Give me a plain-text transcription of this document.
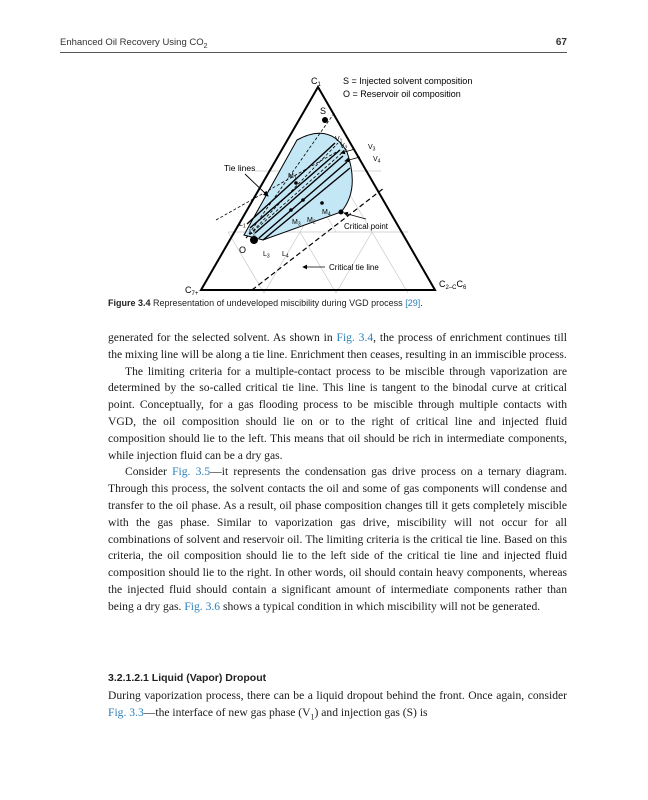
Enhanced Oil Recovery Using $CO_2$	67
$C_1$
$C_{7+}$
$C_{2-C}C_6$
S = Injected solvent composition
O = Reservoir oil composition
S
O
Tie lines
Critical point
Critical tie line
$V_1$
$V_2$	$V_3$
$V_4$
$M_1$
$M_2$
$M_3$
$M_4$
$L_1$
$L_2$
$L_3$ $L_4$
Figure 3.4 Representation of undeveloped miscibility during VGD process [29].

generated for the selected solvent. As shown in Fig. 3.4, the process of enrichment continues till the mixing line will be along a tie line. Enrichment then ceases, resulting in an immiscible process.

The limiting criteria for a multiple-contact process to be miscible through vaporization are determined by the so-called critical tie line. This line is tangent to the binodal curve at critical point. Conceptually, for a gas flooding process to be miscible through multiple contacts with VGD, the oil composition should lie on or to the right of critical line and injected fluid composition should lie to the left. This means that oil should be rich in intermediate components, while injection fluid can be a dry gas.

Consider Fig. 3.5—it represents the condensation gas drive process on a ternary diagram. Through this process, the solvent contacts the oil and some of gas components will condense and transfer to the oil phase. As a result, oil phase composition changes till it gets completely miscible with the gas phase. Similar to vaporization gas drive, miscibility will not occur for all combinations of solvent and reservoir oil. The limiting criteria is the critical tie line. Based on this criteria, the oil composition should lie to the left side of the critical tie line and injected fluid composition should lie to the right. In other words, oil should contain heavy components, whereas the injected fluid should contain a significant amount of intermediate components rather than being a dry gas. Fig. 3.6 shows a typical condition in which miscibility will not be generated.

3.2.1.2.1 Liquid (Vapor) Dropout

During vaporization process, there can be a liquid dropout behind the front. Once again, consider Fig. 3.3—the interface of new gas phase $(V_1)$ and injection gas (S) is
